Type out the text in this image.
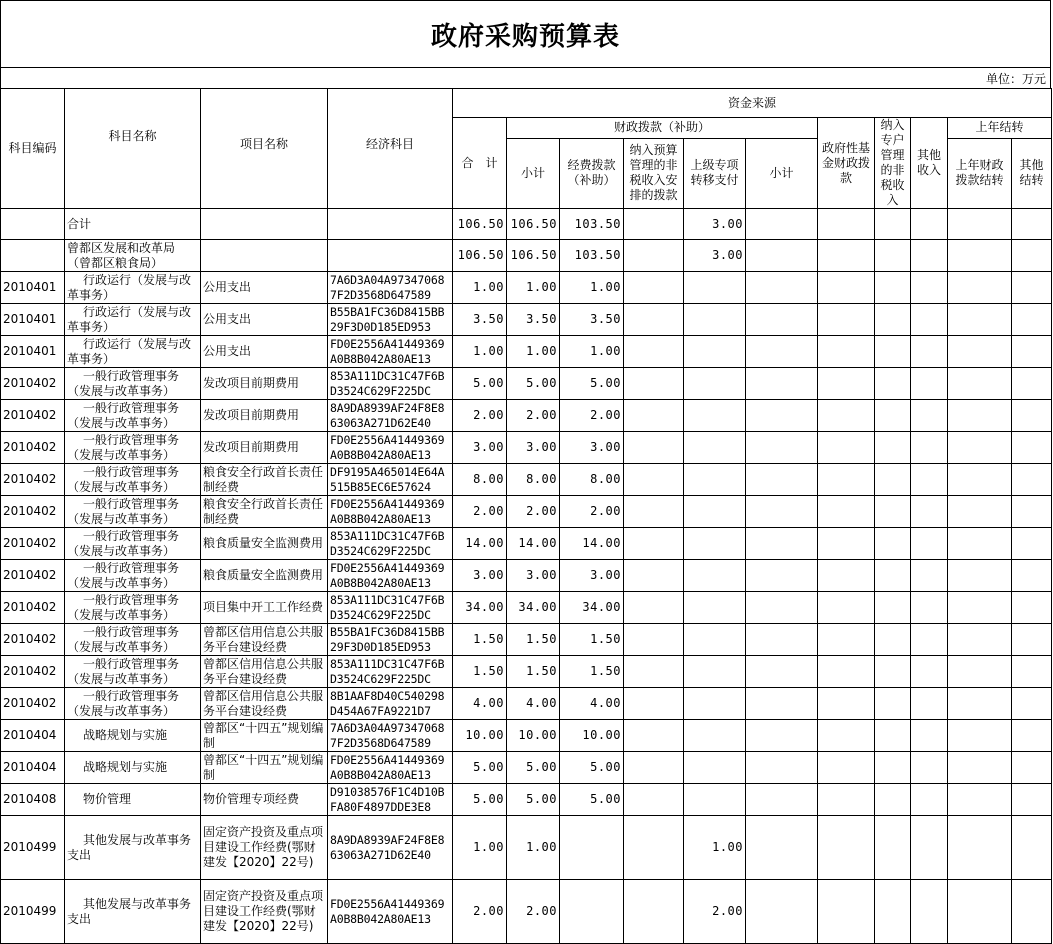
政府采购预算表
单位：万元
科目编码	科目名称	项目名称	经济科目	资金来源										
				合　计	财政拨款（补助）					政府性基金财政拨款	纳入专户管理的非税收入	其他收入	上年结转	
					小计	经费拨款（补助）	纳入预算管理的非税收入安排的拨款	上级专项转移支付	小计				上年财政拨款结转	其他结转
	合计			106.50	106.50	103.50		3.00						
	曾都区发展和改革局（曾都区粮食局）			106.50	106.50	103.50		3.00						
2010401	行政运行（发展与改革事务）	公用支出	7A6D3A04A97347068
7F2D3568D647589	1.00	1.00	1.00								
2010401	行政运行（发展与改革事务）	公用支出	B55BA1FC36D8415BB
29F3D0D185ED953	3.50	3.50	3.50								
2010401	行政运行（发展与改革事务）	公用支出	FD0E2556A41449369
A0B8B042A80AE13	1.00	1.00	1.00								
2010402	一般行政管理事务（发展与改革事务）	发改项目前期费用	853A111DC31C47F6B
D3524C629F225DC	5.00	5.00	5.00								
2010402	一般行政管理事务（发展与改革事务）	发改项目前期费用	8A9DA8939AF24F8E8
63063A271D62E40	2.00	2.00	2.00								
2010402	一般行政管理事务（发展与改革事务）	发改项目前期费用	FD0E2556A41449369
A0B8B042A80AE13	3.00	3.00	3.00								
2010402	一般行政管理事务（发展与改革事务）	粮食安全行政首长责任制经费	DF9195A465014E64A
515B85EC6E57624	8.00	8.00	8.00								
2010402	一般行政管理事务（发展与改革事务）	粮食安全行政首长责任制经费	FD0E2556A41449369
A0B8B042A80AE13	2.00	2.00	2.00								
2010402	一般行政管理事务（发展与改革事务）	粮食质量安全监测费用	853A111DC31C47F6B
D3524C629F225DC	14.00	14.00	14.00								
2010402	一般行政管理事务（发展与改革事务）	粮食质量安全监测费用	FD0E2556A41449369
A0B8B042A80AE13	3.00	3.00	3.00								
2010402	一般行政管理事务（发展与改革事务）	项目集中开工工作经费	853A111DC31C47F6B
D3524C629F225DC	34.00	34.00	34.00								
2010402	一般行政管理事务（发展与改革事务）	曾都区信用信息公共服务平台建设经费	B55BA1FC36D8415BB
29F3D0D185ED953	1.50	1.50	1.50								
2010402	一般行政管理事务（发展与改革事务）	曾都区信用信息公共服务平台建设经费	853A111DC31C47F6B
D3524C629F225DC	1.50	1.50	1.50								
2010402	一般行政管理事务（发展与改革事务）	曾都区信用信息公共服务平台建设经费	8B1AAF8D40C540298
D454A67FA9221D7	4.00	4.00	4.00								
2010404	战略规划与实施	曾都区“十四五”规划编制	7A6D3A04A97347068
7F2D3568D647589	10.00	10.00	10.00								
2010404	战略规划与实施	曾都区“十四五”规划编制	FD0E2556A41449369
A0B8B042A80AE13	5.00	5.00	5.00								
2010408	物价管理	物价管理专项经费	D91038576F1C4D10B
FA80F4897DDE3E8	5.00	5.00	5.00								
2010499	其他发展与改革事务支出	固定资产投资及重点项目建设工作经费(鄂财建发【2020】22号)	8A9DA8939AF24F8E8
63063A271D62E40	1.00	1.00			1.00						
2010499	其他发展与改革事务支出	固定资产投资及重点项目建设工作经费(鄂财建发【2020】22号)	FD0E2556A41449369
A0B8B042A80AE13	2.00	2.00			2.00						
